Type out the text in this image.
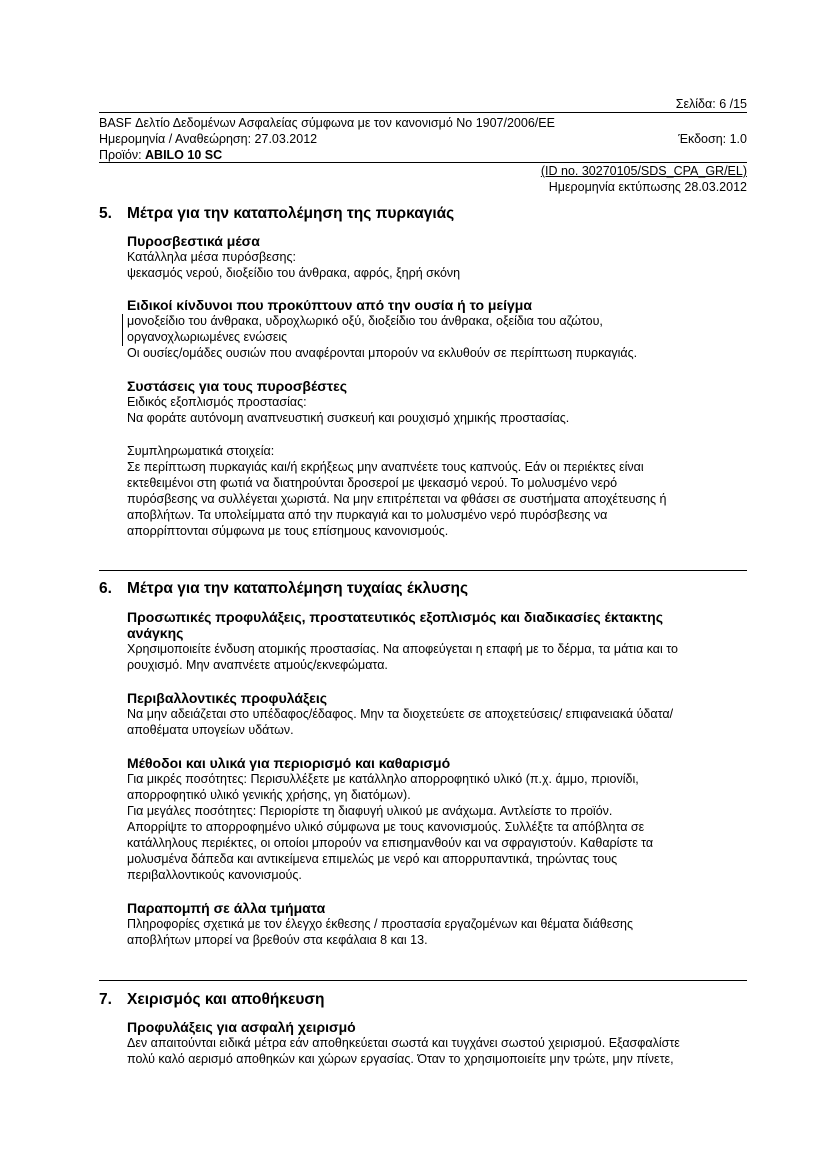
Σελίδα: 6 /15
BASF Δελτίο Δεδομένων Ασφαλείας σύμφωνα με τον κανονισμό No 1907/2006/ΕΕ
Ημερομηνία / Αναθεώρηση: 27.03.2012	Έκδοση: 1.0
Προϊόν: ABILO 10 SC
(ID no. 30270105/SDS_CPA_GR/EL)
Ημερομηνία εκτύπωσης 28.03.2012
5. Μέτρα για την καταπολέμηση της πυρκαγιάς
Πυροσβεστικά μέσα
Κατάλληλα μέσα πυρόσβεσης:
ψεκασμός νερού, διοξείδιο του άνθρακα, αφρός, ξηρή σκόνη
Ειδικοί κίνδυνοι που προκύπτουν από την ουσία ή το μείγμα
μονοξείδιο του άνθρακα, υδροχλωρικό οξύ, διοξείδιο του άνθρακα, οξείδια του αζώτου,
οργανοχλωριωμένες ενώσεις
Οι ουσίες/ομάδες ουσιών που αναφέρονται μπορούν να εκλυθούν σε περίπτωση πυρκαγιάς.
Συστάσεις για τους πυροσβέστες
Ειδικός εξοπλισμός προστασίας:
Να φοράτε αυτόνομη αναπνευστική συσκευή και ρουχισμό χημικής προστασίας.
Συμπληρωματικά στοιχεία:
Σε περίπτωση πυρκαγιάς και/ή εκρήξεως μην αναπνέετε τους καπνούς. Εάν οι περιέκτες είναι
εκτεθειμένοι στη φωτιά να διατηρούνται δροσεροί με ψεκασμό νερού. Το μολυσμένο νερό
πυρόσβεσης να συλλέγεται χωριστά. Να μην επιτρέπεται να φθάσει σε συστήματα αποχέτευσης ή
αποβλήτων. Τα υπολείμματα από την πυρκαγιά και το μολυσμένο νερό πυρόσβεσης να
απορρίπτονται σύμφωνα με τους επίσημους κανονισμούς.
6. Μέτρα για την καταπολέμηση τυχαίας έκλυσης
Προσωπικές προφυλάξεις, προστατευτικός εξοπλισμός και διαδικασίες έκτακτης
ανάγκης
Χρησιμοποιείτε ένδυση ατομικής προστασίας. Να αποφεύγεται η επαφή με το δέρμα, τα μάτια και το
ρουχισμό. Μην αναπνέετε ατμούς/εκνεφώματα.
Περιβαλλοντικές προφυλάξεις
Να μην αδειάζεται στο υπέδαφος/έδαφος. Μην τα διοχετεύετε σε αποχετεύσεις/ επιφανειακά ύδατα/
αποθέματα υπογείων υδάτων.
Μέθοδοι και υλικά για περιορισμό και καθαρισμό
Για μικρές ποσότητες: Περισυλλέξετε με κατάλληλο απορροφητικό υλικό (π.χ. άμμο, πριονίδι,
απορροφητικό υλικό γενικής χρήσης, γη διατόμων).
Για μεγάλες ποσότητες: Περιορίστε τη διαφυγή υλικού με ανάχωμα. Αντλείστε το προϊόν.
Απορρίψτε το απορροφημένο υλικό σύμφωνα με τους κανονισμούς. Συλλέξτε τα απόβλητα σε
κατάλληλους περιέκτες, οι οποίοι μπορούν να επισημανθούν και να σφραγιστούν. Καθαρίστε τα
μολυσμένα δάπεδα και αντικείμενα επιμελώς με νερό και απορρυπαντικά, τηρώντας τους
περιβαλλοντικούς κανονισμούς.
Παραπομπή σε άλλα τμήματα
Πληροφορίες σχετικά με τον έλεγχο έκθεσης / προστασία εργαζομένων και θέματα διάθεσης
αποβλήτων μπορεί να βρεθούν στα κεφάλαια 8 και 13.
7. Χειρισμός και αποθήκευση
Προφυλάξεις για ασφαλή χειρισμό
Δεν απαιτούνται ειδικά μέτρα εάν αποθηκεύεται σωστά και τυγχάνει σωστού χειρισμού. Εξασφαλίστε
πολύ καλό αερισμό αποθηκών και χώρων εργασίας. Όταν το χρησιμοποιείτε μην τρώτε, μην πίνετε,
